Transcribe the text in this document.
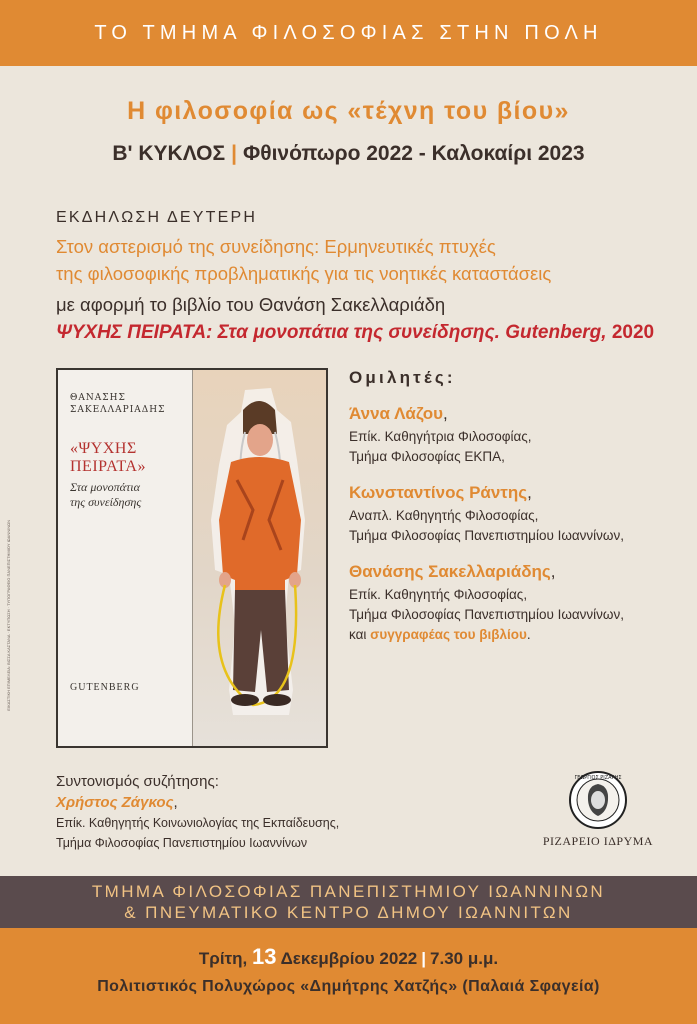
ΤΟ ΤΜΗΜΑ ΦΙΛΟΣΟΦΙΑΣ ΣΤΗΝ ΠΟΛΗ
Η φιλοσοφία ως «τέχνη του βίου»
Β' ΚΥΚΛΟΣ | Φθινόπωρο 2022 - Καλοκαίρι 2023
ΕΚΔΗΛΩΣΗ ΔΕΥΤΕΡΗ
Στον αστερισμό της συνείδησης: Ερμηνευτικές πτυχές
της φιλοσοφικής προβληματικής για τις νοητικές καταστάσεις
με αφορμή το βιβλίο του Θανάση Σακελλαριάδη
ΨΥΧΗΣ ΠΕΙΡΑΤΑ: Στα μονοπάτια της συνείδησης. Gutenberg, 2020
ΘΑΝΑΣΗΣ
ΣΑΚΕΛΛΑΡΙΑΔΗΣ
«ΨΥΧΗΣ
ΠΕΙΡΑΤΑ»
Στα μονοπάτια
της συνείδησης
GUTENBERG
ΕΙΚΑΣΤΙΚΗ ΕΠΙΜΕΛΕΙΑ: ΒΙΣΣΑ ΚΑΣΤΑΝΑ · ΕΚΤΥΠΩΣΗ · ΤΥΠΟΓΡΑΦΕΙΟ ΠΑΝΕΠΙΣΤΗΜΙΟΥ ΙΩΑΝΝΙΝΩΝ
Ομιλητές:
Άννα Λάζου,
Επίκ. Καθηγήτρια Φιλοσοφίας,
Τμήμα Φιλοσοφίας ΕΚΠΑ,
Κωνσταντίνος Ράντης,
Αναπλ. Καθηγητής Φιλοσοφίας,
Τμήμα Φιλοσοφίας Πανεπιστημίου Ιωαννίνων,
Θανάσης Σακελλαριάδης,
Επίκ. Καθηγητής Φιλοσοφίας,
Τμήμα Φιλοσοφίας Πανεπιστημίου Ιωαννίνων,
και συγγραφέας του βιβλίου.
Συντονισμός συζήτησης:
Χρήστος Ζάγκος,
Επίκ. Καθηγητής Κοινωνιολογίας της Εκπαίδευσης,
Τμήμα Φιλοσοφίας Πανεπιστημίου Ιωαννίνων
ΓΕΩΡΓΙΟΣ ΡΙΖΑΡΗΣ
ΡΙΖΑΡΕΙΟ ΙΔΡΥΜΑ
ΤΜΗΜΑ ΦΙΛΟΣΟΦΙΑΣ ΠΑΝΕΠΙΣΤΗΜΙΟΥ ΙΩΑΝΝΙΝΩΝ
& ΠΝΕΥΜΑΤΙΚΟ ΚΕΝΤΡΟ ΔΗΜΟΥ ΙΩΑΝΝΙΤΩΝ
Τρίτη, 13 Δεκεμβρίου 2022 | 7.30 μ.μ.
Πολιτιστικός Πολυχώρος «Δημήτρης Χατζής» (Παλαιά Σφαγεία)
